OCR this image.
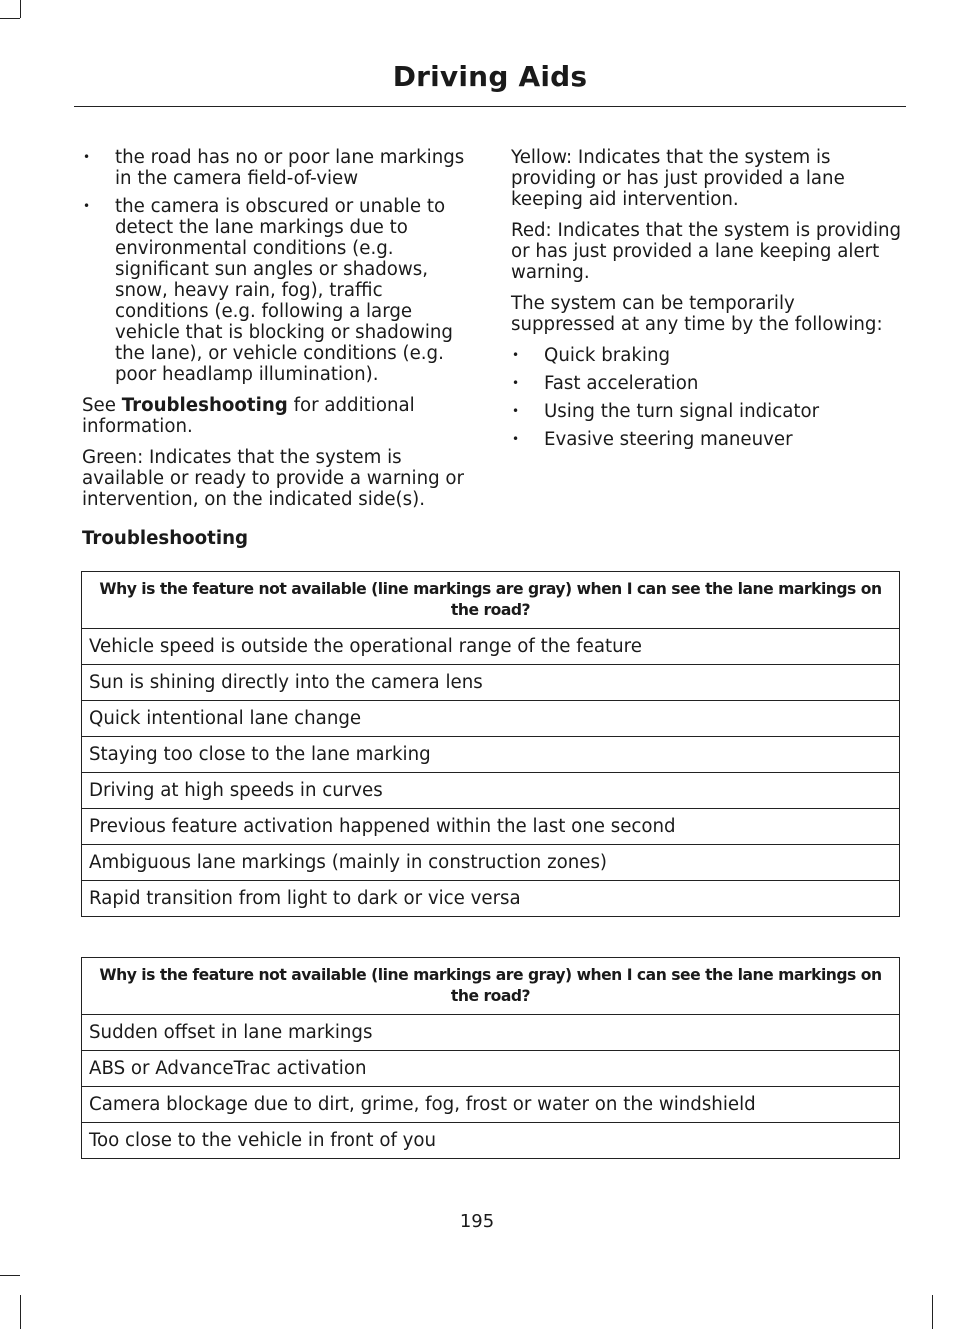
Driving Aids
• the road has no or poor lane markings in the camera field-of-view
• the camera is obscured or unable to detect the lane markings due to environmental conditions (e.g. significant sun angles or shadows, snow, heavy rain, fog), traffic conditions (e.g. following a large vehicle that is blocking or shadowing the lane), or vehicle conditions (e.g. poor headlamp illumination).

See Troubleshooting for additional information.

Green: Indicates that the system is available or ready to provide a warning or intervention, on the indicated side(s).

Yellow: Indicates that the system is providing or has just provided a lane keeping aid intervention.

Red: Indicates that the system is providing or has just provided a lane keeping alert warning.

The system can be temporarily suppressed at any time by the following:

• Quick braking
• Fast acceleration
• Using the turn signal indicator
• Evasive steering maneuver
Troubleshooting
Why is the feature not available (line markings are gray) when I can see the lane markings on the road?
Vehicle speed is outside the operational range of the feature
Sun is shining directly into the camera lens
Quick intentional lane change
Staying too close to the lane marking
Driving at high speeds in curves
Previous feature activation happened within the last one second
Ambiguous lane markings (mainly in construction zones)
Rapid transition from light to dark or vice versa
Why is the feature not available (line markings are gray) when I can see the lane markings on the road?
Sudden offset in lane markings
ABS or AdvanceTrac activation
Camera blockage due to dirt, grime, fog, frost or water on the windshield
Too close to the vehicle in front of you
195
